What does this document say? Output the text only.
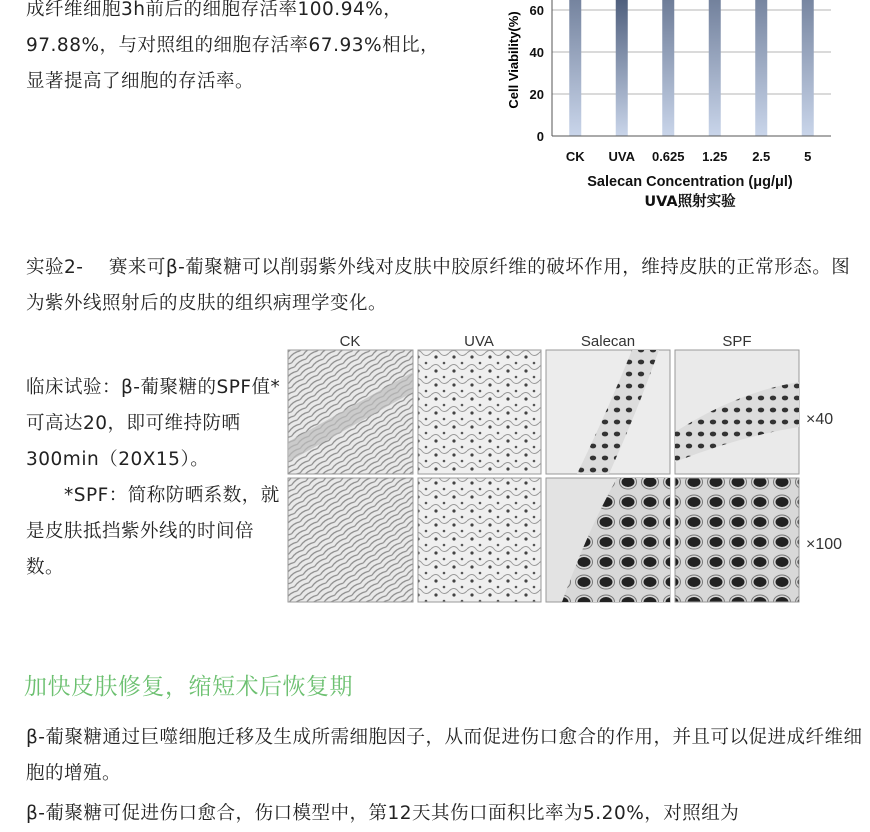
成纤维细胞3h前后的细胞存活率100.94%，
97.88%，与对照组的细胞存活率67.93%相比，
显著提高了细胞的存活率。
0
20
40
60
CK UVA 0.625 1.25 2.5	5
Cell Viability(%)
Salecan Concentration (μg/μl)
UVA照射实验
实验2-　 赛来可β-葡聚糖可以削弱紫外线对皮肤中胶原纤维的破坏作用，维持皮肤的正常形态。图为紫外线照射后的皮肤的组织病理学变化。
临床试验：β-葡聚糖的SPF值*可高达20，即可维持防晒300min（20X15）。
*SPF：简称防晒系数，就是皮肤抵挡紫外线的时间倍数。
CK	UVA	Salecan	SPF
×40
×100
加快皮肤修复，缩短术后恢复期
β-葡聚糖通过巨噬细胞迁移及生成所需细胞因子，从而促进伤口愈合的作用，并且可以促进成纤维细胞的增殖。
β-葡聚糖可促进伤口愈合，伤口模型中，第12天其伤口面积比率为5.20%，对照组为
